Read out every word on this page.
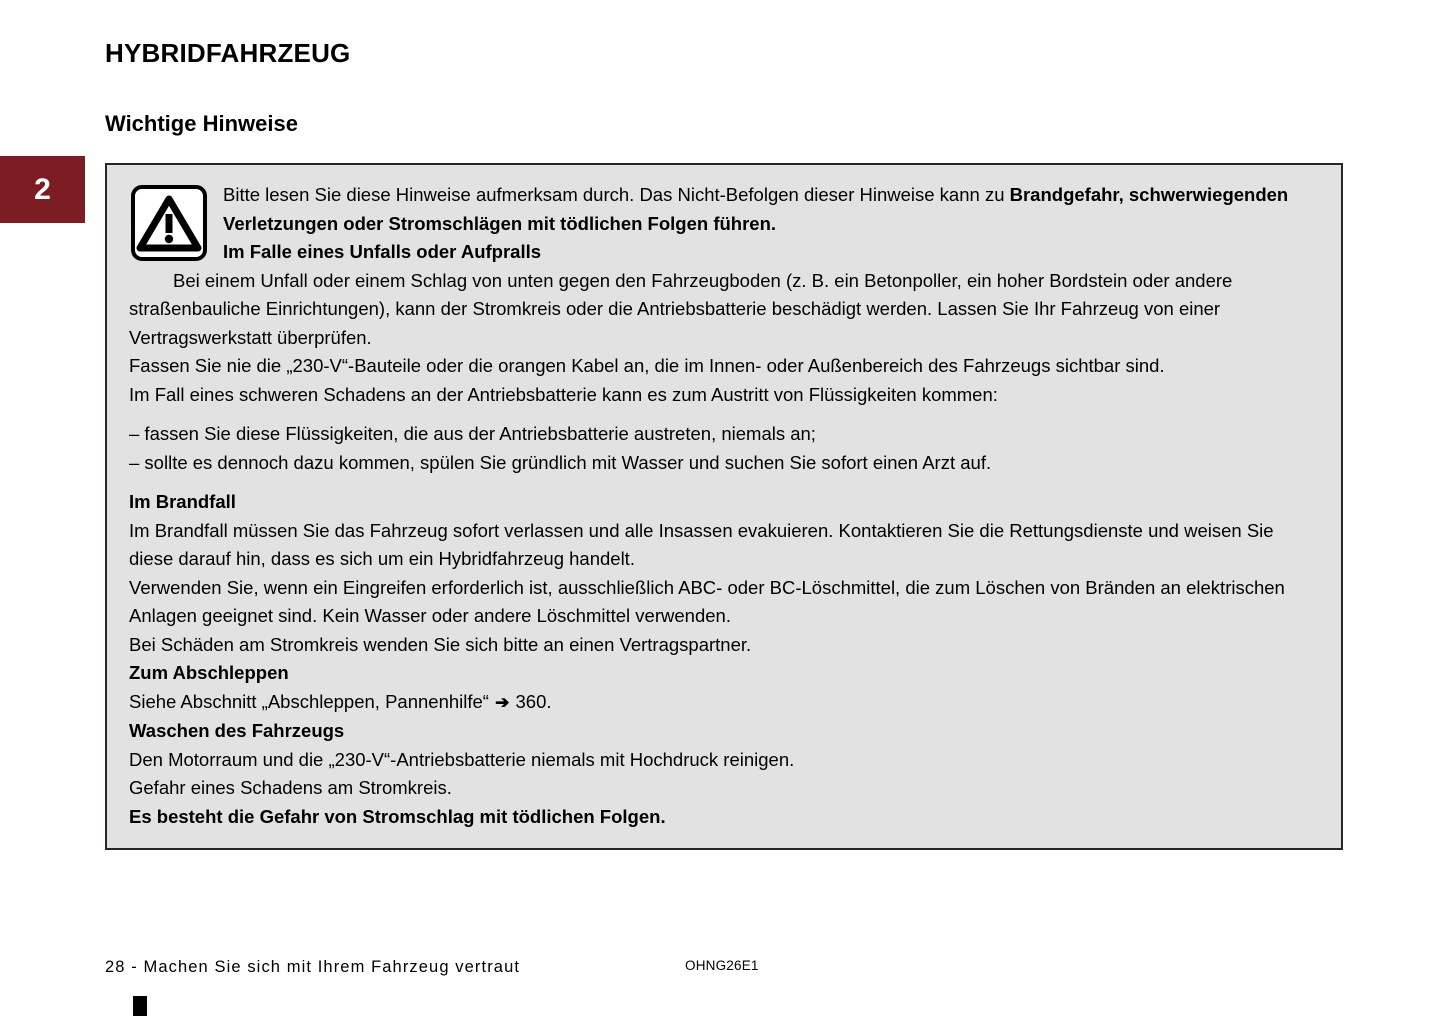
2
HYBRIDFAHRZEUG
Wichtige Hinweise

Bitte lesen Sie diese Hinweise aufmerksam durch. Das Nicht-Befolgen dieser Hinweise kann zu Brandgefahr, schwerwiegenden Verletzungen oder Stromschlägen mit tödlichen Folgen führen.

Im Falle eines Unfalls oder Aufpralls

Bei einem Unfall oder einem Schlag von unten gegen den Fahrzeugboden (z. B. ein Betonpoller, ein hoher Bordstein oder andere straßenbauliche Einrichtungen), kann der Stromkreis oder die Antriebsbatterie beschädigt werden. Lassen Sie Ihr Fahrzeug von einer Vertragswerkstatt überprüfen.

Fassen Sie nie die „230-V“-Bauteile oder die orangen Kabel an, die im Innen- oder Außenbereich des Fahrzeugs sichtbar sind.

Im Fall eines schweren Schadens an der Antriebsbatterie kann es zum Austritt von Flüssigkeiten kommen:

– fassen Sie diese Flüssigkeiten, die aus der Antriebsbatterie austreten, niemals an;

– sollte es dennoch dazu kommen, spülen Sie gründlich mit Wasser und suchen Sie sofort einen Arzt auf.

Im Brandfall

Im Brandfall müssen Sie das Fahrzeug sofort verlassen und alle Insassen evakuieren. Kontaktieren Sie die Rettungsdienste und weisen Sie diese darauf hin, dass es sich um ein Hybridfahrzeug handelt.

Verwenden Sie, wenn ein Eingreifen erforderlich ist, ausschließlich ABC- oder BC-Löschmittel, die zum Löschen von Bränden an elektrischen Anlagen geeignet sind. Kein Wasser oder andere Löschmittel verwenden.

Bei Schäden am Stromkreis wenden Sie sich bitte an einen Vertragspartner.

Zum Abschleppen

Siehe Abschnitt „Abschleppen, Pannenhilfe“ ➔ 360.

Waschen des Fahrzeugs

Den Motorraum und die „230-V“-Antriebsbatterie niemals mit Hochdruck reinigen.

Gefahr eines Schadens am Stromkreis.

Es besteht die Gefahr von Stromschlag mit tödlichen Folgen.

28 - Machen Sie sich mit Ihrem Fahrzeug vertraut	OHNG26E1
